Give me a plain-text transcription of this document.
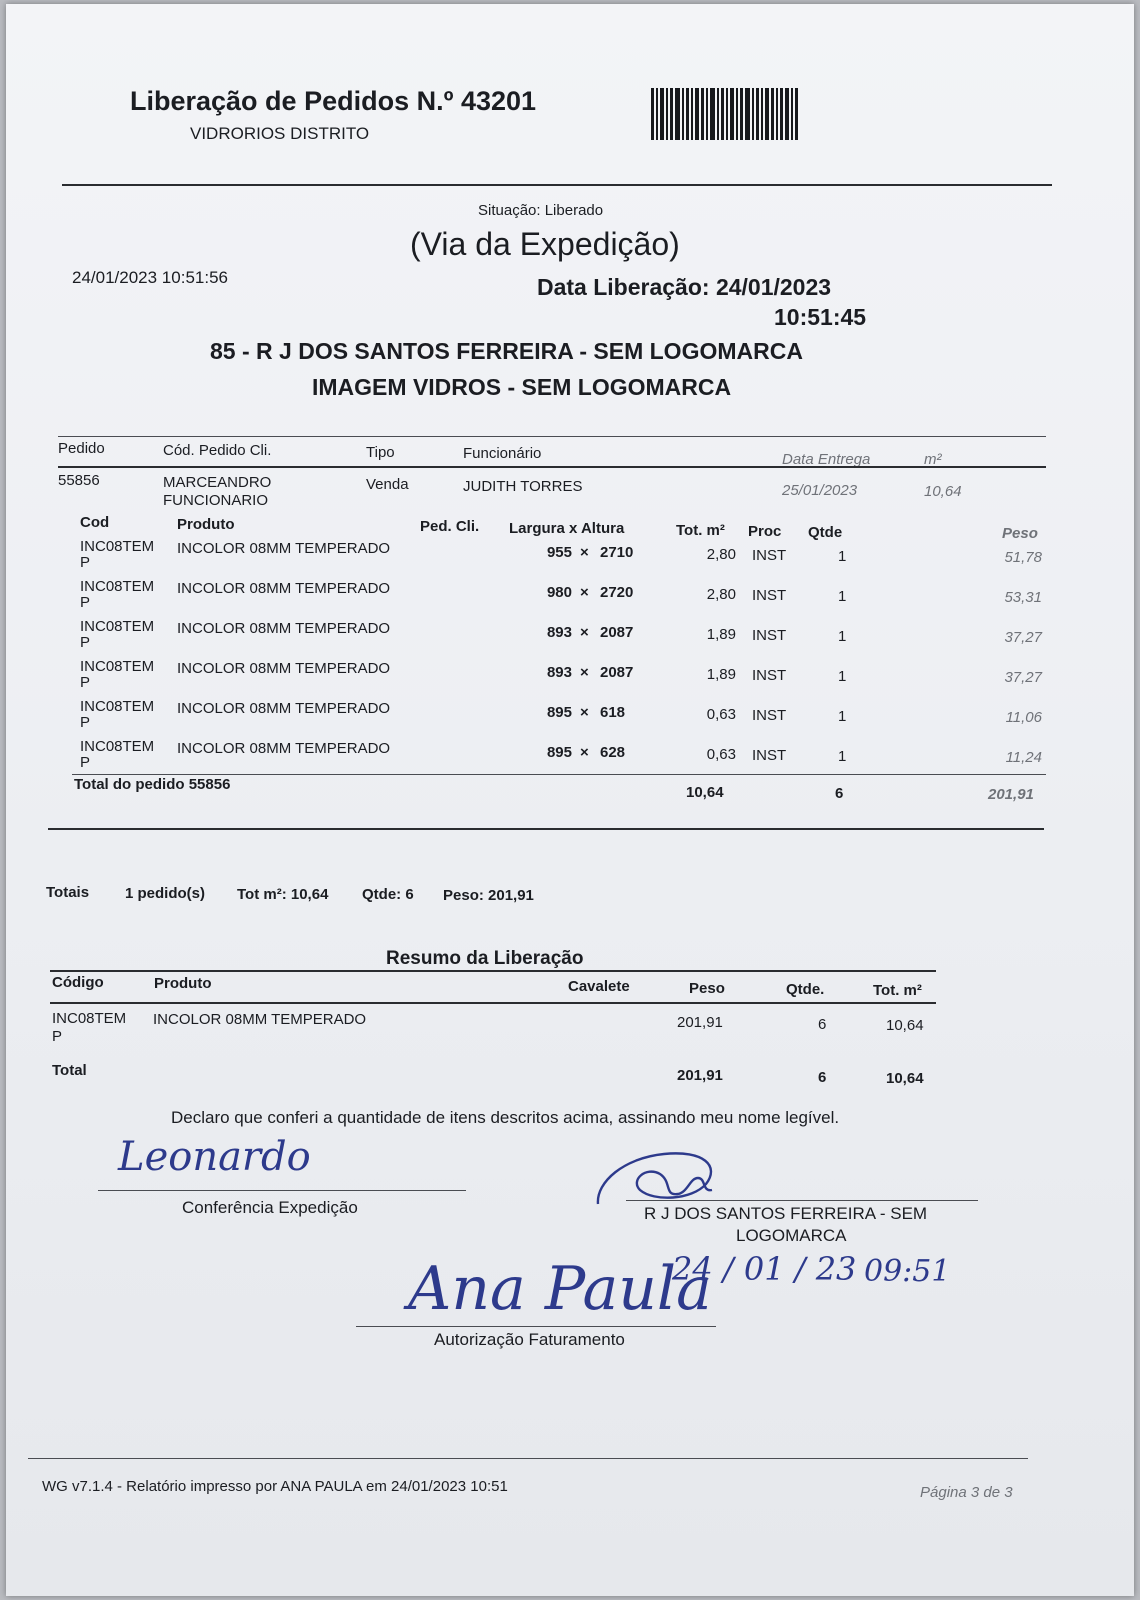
Liberação de Pedidos N.º 43201
VIDRORIOS DISTRITO
Situação: Liberado
(Via da Expedição)
24/01/2023 10:51:56	Data Liberação: 24/01/2023
10:51:45
85 - R J DOS SANTOS FERREIRA - SEM LOGOMARCA
IMAGEM VIDROS - SEM LOGOMARCA
Pedido	Cód. Pedido Cli.	Tipo	Funcionário	Data Entrega	m²
55856	MARCEANDRO
FUNCIONARIO
Venda	JUDITH TORRES	25/01/2023	10,64
Cod	Produto	Ped. Cli. Largura x Altura	Tot. m² Proc Qtde	Peso
INC08TEM
P
INCOLOR 08MM TEMPERADO	955 × 2710	2,80 INST	1	51,78
INC08TEM
P
INCOLOR 08MM TEMPERADO	980 × 2720	2,80 INST	1	53,31
INC08TEM
P
INCOLOR 08MM TEMPERADO	893 × 2087	1,89 INST	1	37,27
INC08TEM
P
INCOLOR 08MM TEMPERADO	893 × 2087	1,89 INST	1	37,27
INC08TEM
P
INCOLOR 08MM TEMPERADO	895 × 618	0,63 INST	1	11,06
INC08TEM
P
INCOLOR 08MM TEMPERADO	895 × 628	0,63 INST	1	11,24
Total do pedido 55856	10,64	6	201,91
Totais 1 pedido(s) Tot m²: 10,64 Qtde: 6 Peso: 201,91
Resumo da Liberação
Código	Produto	Cavalete	Peso	Qtde.	Tot. m²
INC08TEM
P
INCOLOR 08MM TEMPERADO	201,91	6	10,64
Total	201,91	6	10,64
Declaro que conferi a quantidade de itens descritos acima, assinando meu nome legível.
Leonardo
Conferência Expedição	R J DOS SANTOS FERREIRA - SEM
LOGOMARCA
24 / 01 / 23 09:51
Ana Paula
Autorização Faturamento
WG v7.1.4 - Relatório impresso por ANA PAULA em 24/01/2023 10:51	Página 3 de 3
